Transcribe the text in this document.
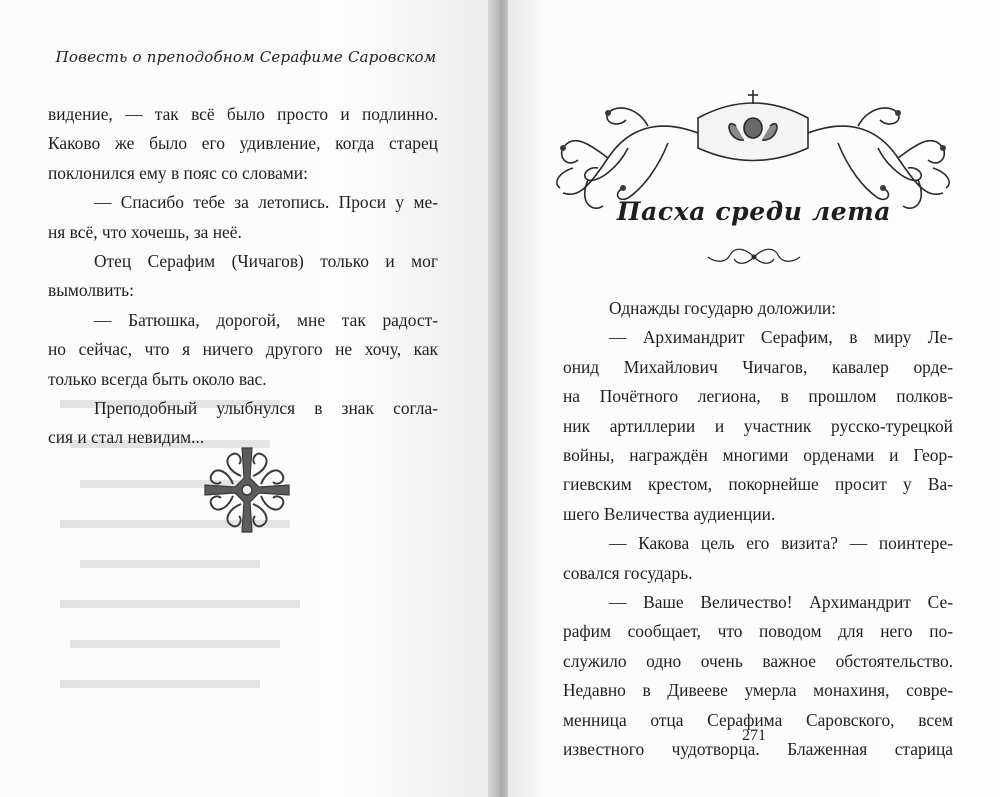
Повесть о преподобном Серафиме Саровском
видение, — так всё было просто и подлинно.
Каково же было его удивление, когда старец
поклонился ему в пояс со словами:
— Спасибо тебе за летопись. Проси у ме-
ня всё, что хочешь, за неё.
Отец Серафим (Чичагов) только и мог
вымолвить:
— Батюшка, дорогой, мне так радост-
но сейчас, что я ничего другого не хочу, как
только всегда быть около вас.
Преподобный улыбнулся в знак согла-
сия и стал невидим...
Пасха среди лета
Однажды государю доложили:
— Архимандрит Серафим, в миру Ле-
онид Михайлович Чичагов, кавалер орде-
на Почётного легиона, в прошлом полков-
ник артиллерии и участник русско-турецкой
войны, награждён многими орденами и Геор-
гиевским крестом, покорнейше просит у Ва-
шего Величества аудиенции.
— Какова цель его визита? — поинтере-
совался государь.
— Ваше Величество! Архимандрит Се-
рафим сообщает, что поводом для него по-
служило одно очень важное обстоятельство.
Недавно в Дивееве умерла монахиня, совре-
менница отца Серафима Саровского, всем
известного чудотворца. Блаженная старица
271
